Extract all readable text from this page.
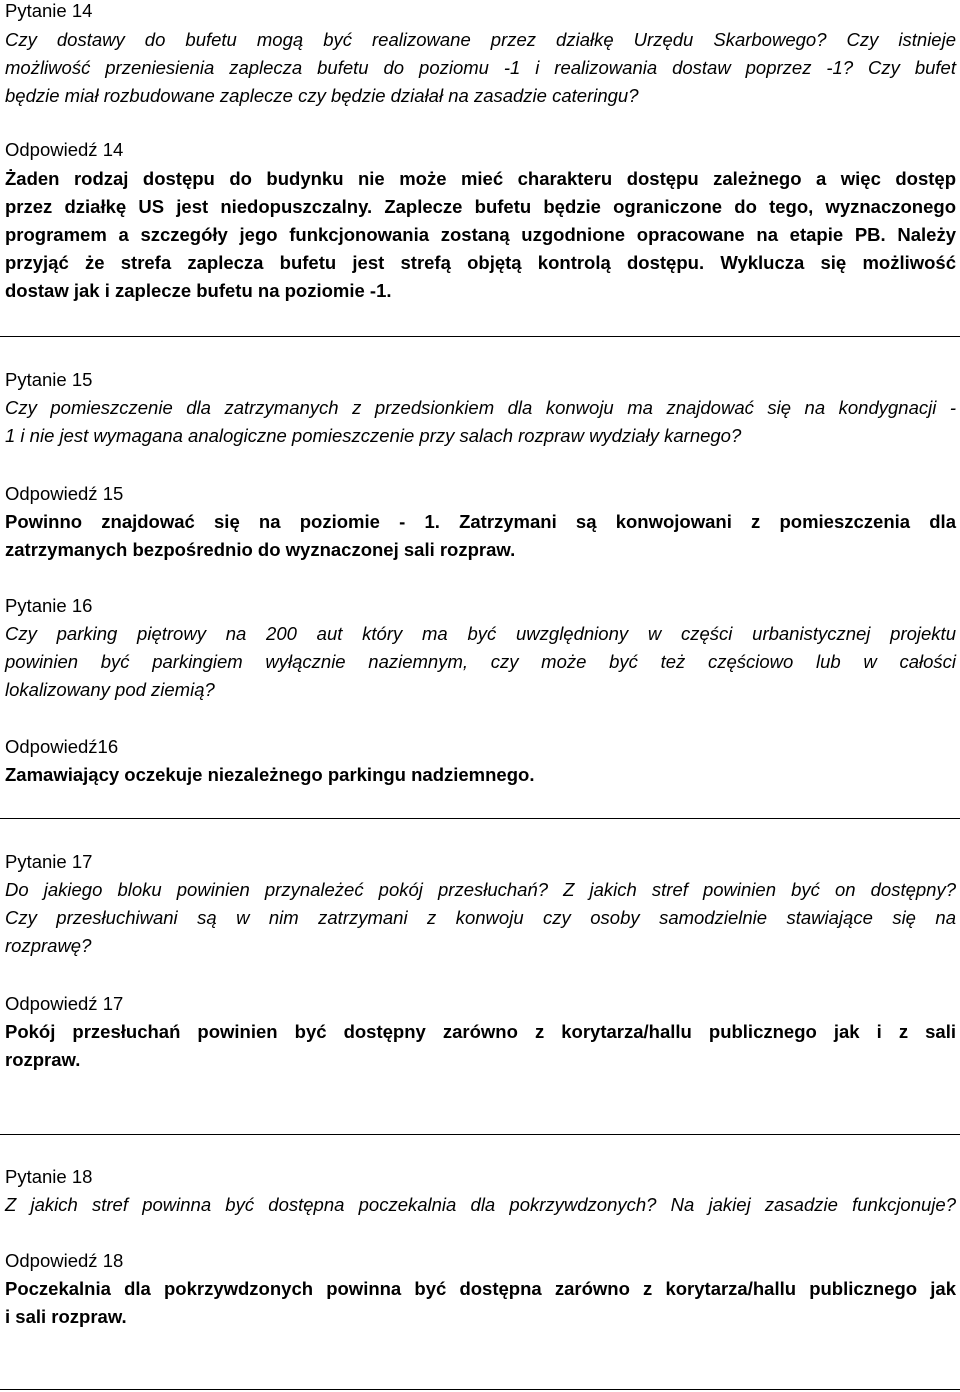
Pytanie 14
Czy dostawy do bufetu mogą być realizowane przez działkę Urzędu Skarbowego? Czy istnieje
możliwość przeniesienia zaplecza bufetu do poziomu -1 i realizowania dostaw poprzez -1? Czy bufet
będzie miał rozbudowane zaplecze czy będzie działał na zasadzie cateringu?
Odpowiedź 14
Żaden rodzaj dostępu do budynku nie może mieć charakteru dostępu zależnego a więc dostęp
przez działkę US jest niedopuszczalny. Zaplecze bufetu będzie ograniczone do tego, wyznaczonego
programem a szczegóły jego funkcjonowania zostaną uzgodnione opracowane na etapie PB. Należy
przyjąć że strefa zaplecza bufetu jest strefą objętą kontrolą dostępu. Wyklucza się możliwość
dostaw jak i zaplecze bufetu na poziomie -1.
Pytanie 15
Czy pomieszczenie dla zatrzymanych z przedsionkiem dla konwoju ma znajdować się na kondygnacji -
1 i nie jest wymagana analogiczne pomieszczenie przy salach rozpraw wydziały karnego?
Odpowiedź 15
Powinno znajdować się na poziomie - 1. Zatrzymani są konwojowani z pomieszczenia dla
zatrzymanych bezpośrednio do wyznaczonej sali rozpraw.
Pytanie 16
Czy parking piętrowy na 200 aut który ma być uwzględniony w części urbanistycznej projektu
powinien być parkingiem wyłącznie naziemnym, czy może być też częściowo lub w całości
lokalizowany pod ziemią?
Odpowiedź16
Zamawiający oczekuje niezależnego parkingu nadziemnego.
Pytanie 17
Do jakiego bloku powinien przynależeć pokój przesłuchań? Z jakich stref powinien być on dostępny?
Czy przesłuchiwani są w nim zatrzymani z konwoju czy osoby samodzielnie stawiające się na
rozprawę?
Odpowiedź 17
Pokój przesłuchań powinien być dostępny zarówno z korytarza/hallu publicznego jak i z sali
rozpraw.
Pytanie 18
Z jakich stref powinna być dostępna poczekalnia dla pokrzywdzonych? Na jakiej zasadzie funkcjonuje?
Odpowiedź 18
Poczekalnia dla pokrzywdzonych powinna być dostępna zarówno z korytarza/hallu publicznego jak
i sali rozpraw.
